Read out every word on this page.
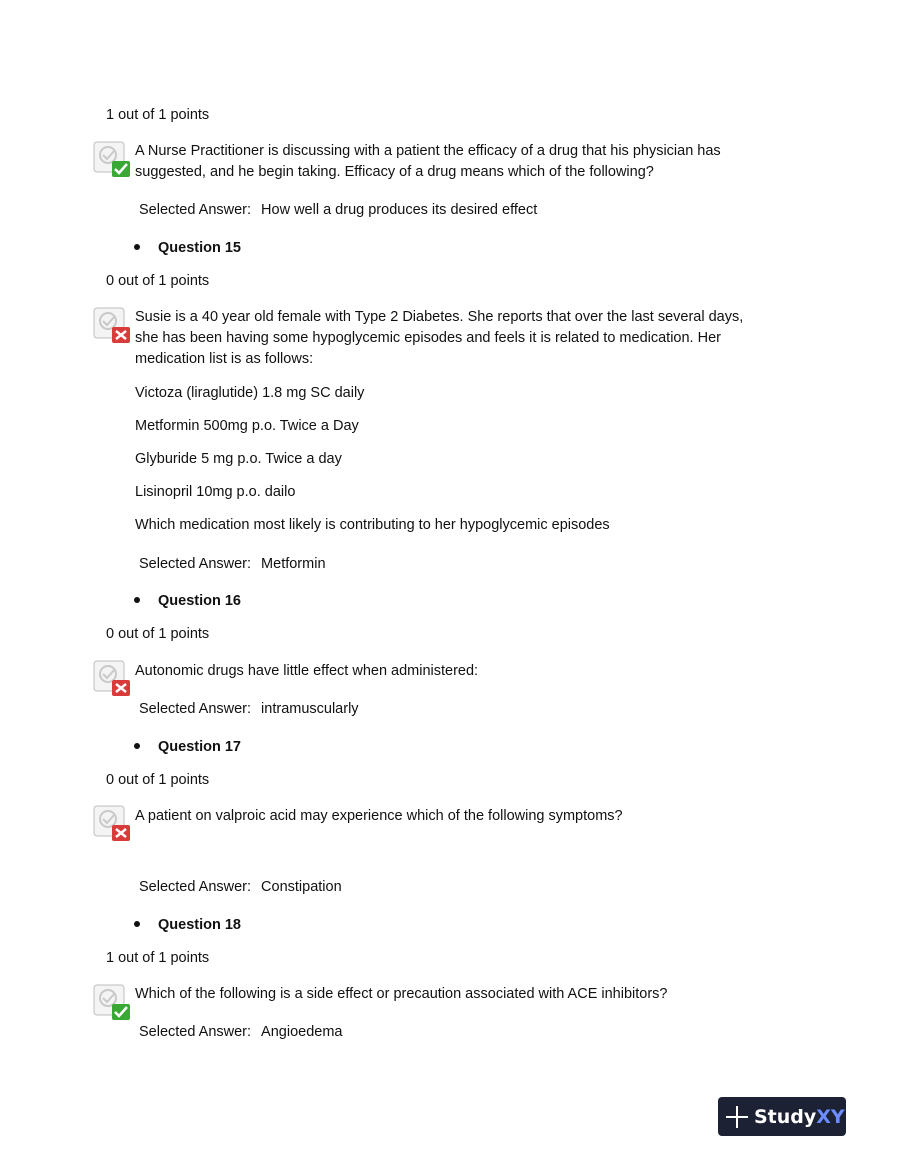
1 out of 1 points
A Nurse Practitioner is discussing with a patient the efficacy of a drug that his physician has
suggested, and he begin taking. Efficacy of a drug means which of the following?
Selected Answer: How well a drug produces its desired effect
Question 15
0 out of 1 points
Susie is a 40 year old female with Type 2 Diabetes. She reports that over the last several days,
she has been having some hypoglycemic episodes and feels it is related to medication. Her
medication list is as follows:
Victoza (liraglutide) 1.8 mg SC daily
Metformin 500mg p.o. Twice a Day
Glyburide 5 mg p.o. Twice a day
Lisinopril 10mg p.o. dailo
Which medication most likely is contributing to her hypoglycemic episodes
Selected Answer: Metformin
Question 16
0 out of 1 points
Autonomic drugs have little effect when administered:
Selected Answer: intramuscularly
Question 17
0 out of 1 points
A patient on valproic acid may experience which of the following symptoms?
Selected Answer: Constipation
Question 18
1 out of 1 points
Which of the following is a side effect or precaution associated with ACE inhibitors?
Selected Answer: Angioedema
StudyXY
